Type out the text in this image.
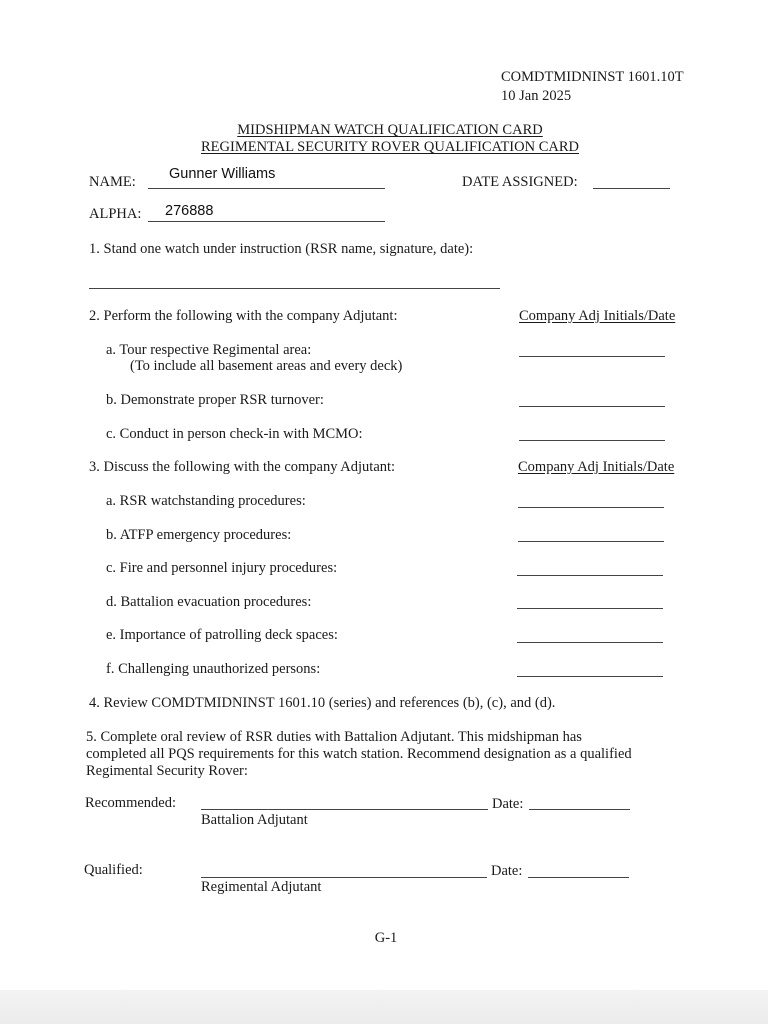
COMDTMIDNINST 1601.10T
10 Jan 2025
MIDSHIPMAN WATCH QUALIFICATION CARD
REGIMENTAL SECURITY ROVER QUALIFICATION CARD
NAME: Gunner Williams	DATE ASSIGNED:
ALPHA: 276888
1. Stand one watch under instruction (RSR name, signature, date):
2. Perform the following with the company Adjutant:	Company Adj Initials/Date
a. Tour respective Regimental area:
(To include all basement areas and every deck)
b. Demonstrate proper RSR turnover:
c. Conduct in person check-in with MCMO:
3. Discuss the following with the company Adjutant:	Company Adj Initials/Date
a. RSR watchstanding procedures:
b. ATFP emergency procedures:
c. Fire and personnel injury procedures:
d. Battalion evacuation procedures:
e. Importance of patrolling deck spaces:
f. Challenging unauthorized persons:
4. Review COMDTMIDNINST 1601.10 (series) and references (b), (c), and (d).
5. Complete oral review of RSR duties with Battalion Adjutant. This midshipman has
completed all PQS requirements for this watch station. Recommend designation as a qualified
Regimental Security Rover:
Recommended:	Date:
Battalion Adjutant
Qualified:	Date:
Regimental Adjutant
G-1
